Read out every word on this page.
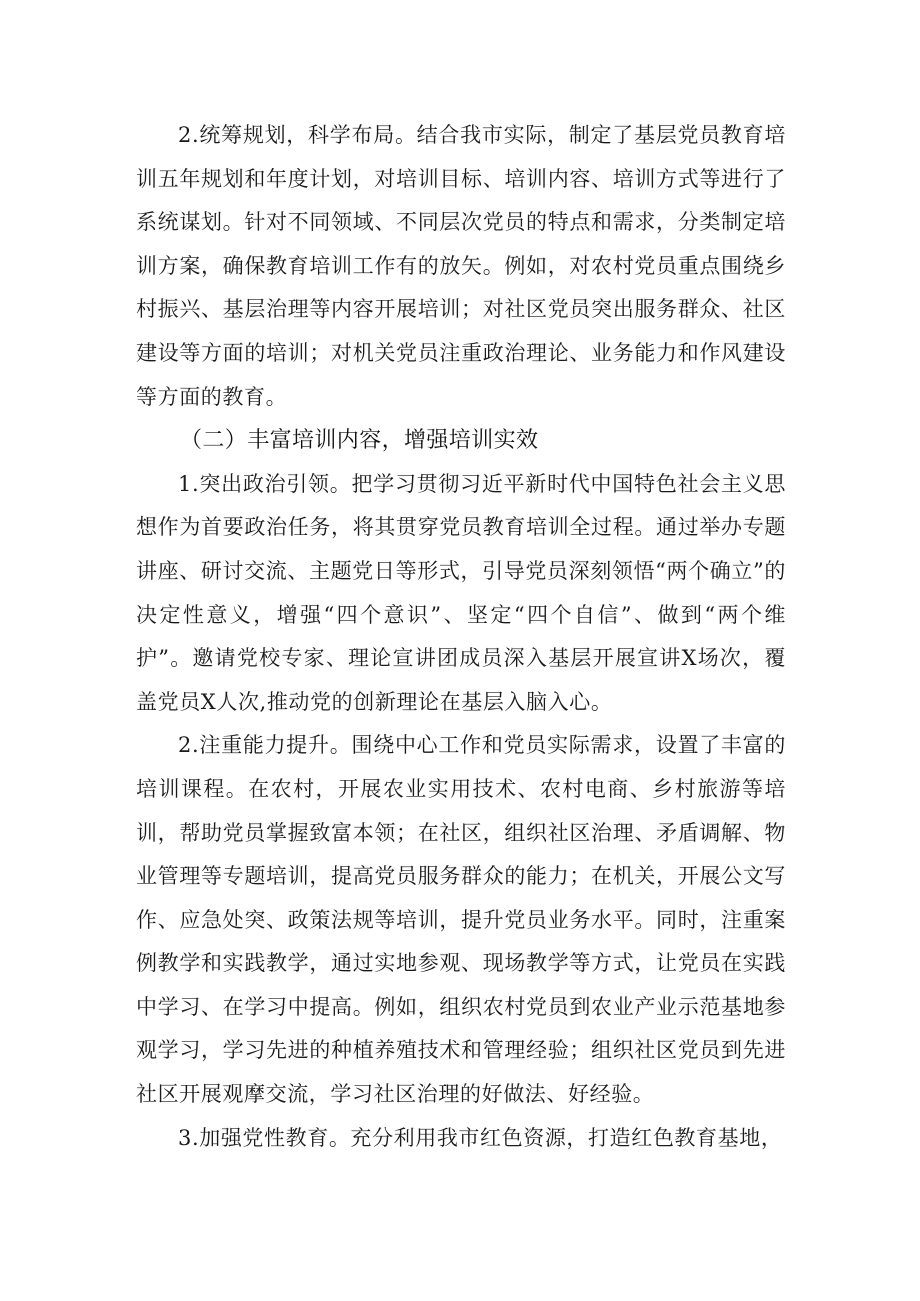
2.统筹规划，科学布局。结合我市实际，制定了基层党员教育培训五年规划和年度计划，对培训目标、培训内容、培训方式等进行了系统谋划。针对不同领域、不同层次党员的特点和需求，分类制定培训方案，确保教育培训工作有的放矢。例如，对农村党员重点围绕乡村振兴、基层治理等内容开展培训；对社区党员突出服务群众、社区建设等方面的培训；对机关党员注重政治理论、业务能力和作风建设等方面的教育。

（二）丰富培训内容，增强培训实效

1.突出政治引领。把学习贯彻习近平新时代中国特色社会主义思想作为首要政治任务，将其贯穿党员教育培训全过程。通过举办专题讲座、研讨交流、主题党日等形式，引导党员深刻领悟“两个确立”的决定性意义，增强“四个意识”、坚定“四个自信”、做到“两个维护”。邀请党校专家、理论宣讲团成员深入基层开展宣讲X场次，覆盖党员X人次,推动党的创新理论在基层入脑入心。

2.注重能力提升。围绕中心工作和党员实际需求，设置了丰富的培训课程。在农村，开展农业实用技术、农村电商、乡村旅游等培训，帮助党员掌握致富本领；在社区，组织社区治理、矛盾调解、物业管理等专题培训，提高党员服务群众的能力；在机关，开展公文写作、应急处突、政策法规等培训，提升党员业务水平。同时，注重案例教学和实践教学，通过实地参观、现场教学等方式，让党员在实践中学习、在学习中提高。例如，组织农村党员到农业产业示范基地参观学习，学习先进的种植养殖技术和管理经验；组织社区党员到先进社区开展观摩交流，学习社区治理的好做法、好经验。

3.加强党性教育。充分利用我市红色资源，打造红色教育基地，
